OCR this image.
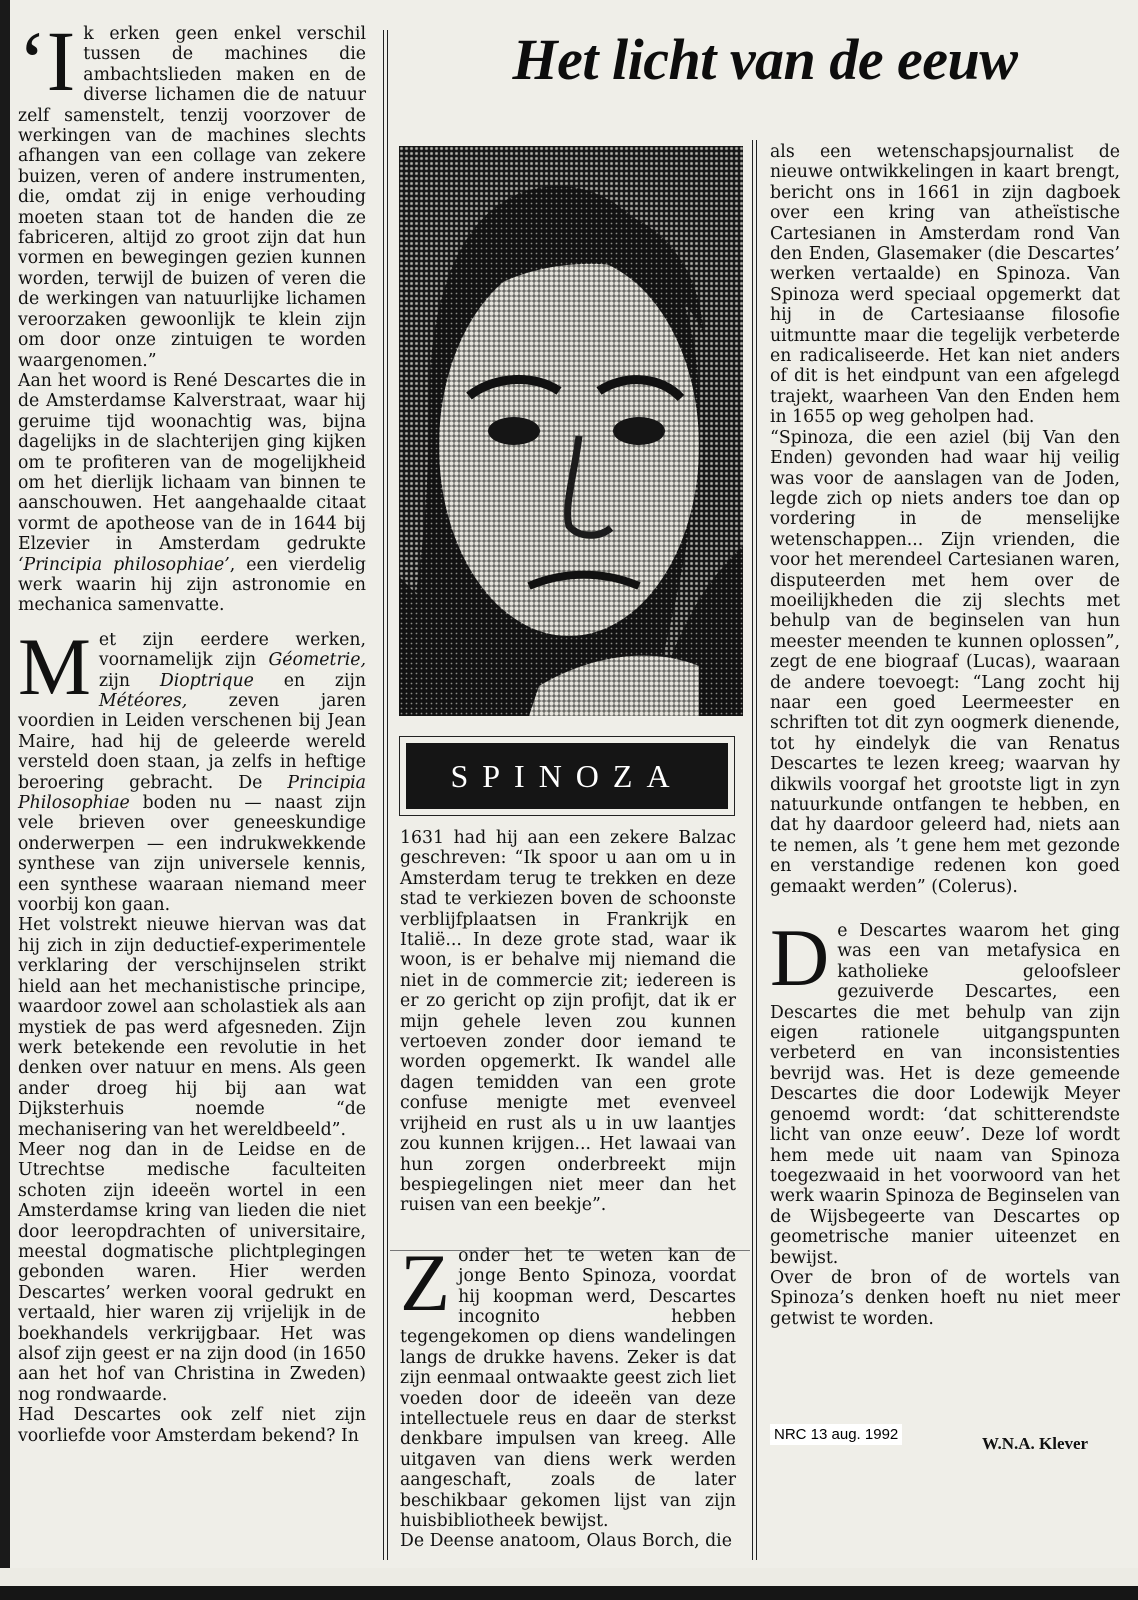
Het licht van de eeuw

‘Ik erken geen enkel verschil tussen de machines die ambachtslieden maken en de diverse lichamen die de natuur zelf samenstelt, tenzij voorzover de werkingen van de machines slechts afhangen van een collage van zekere buizen, veren of andere instrumenten, die, omdat zij in enige verhouding moeten staan tot de handen die ze fabriceren, altijd zo groot zijn dat hun vormen en bewegingen gezien kunnen worden, terwijl de buizen of veren die de werkingen van natuurlijke lichamen veroorzaken gewoonlijk te klein zijn om door onze zintuigen te worden waargenomen.”

Aan het woord is René Descartes die in de Amsterdamse Kalverstraat, waar hij geruime tijd woonachtig was, bijna dagelijks in de slachterijen ging kijken om te profiteren van de mogelijkheid om het dierlijk lichaam van binnen te aanschouwen. Het aangehaalde citaat vormt de apotheose van de in 1644 bij Elzevier in Amsterdam gedrukte ‘Principia philosophiae’, een vierdelig werk waarin hij zijn astronomie en mechanica samenvatte.

Met zijn eerdere werken, voornamelijk zijn Géometrie, zijn Dioptrique en zijn Météores, zeven jaren voordien in Leiden verschenen bij Jean Maire, had hij de geleerde wereld versteld doen staan, ja zelfs in heftige beroering gebracht. De Principia Philosophiae boden nu — naast zijn vele brieven over geneeskundige onderwerpen — een indrukwekkende synthese van zijn universele kennis, een synthese waaraan niemand meer voorbij kon gaan.

Het volstrekt nieuwe hiervan was dat hij zich in zijn deductief-experimentele verklaring der verschijnselen strikt hield aan het mechanistische principe, waardoor zowel aan scholastiek als aan mystiek de pas werd afgesneden. Zijn werk betekende een revolutie in het denken over natuur en mens. Als geen ander droeg hij bij aan wat Dijksterhuis noemde “de mechanisering van het wereldbeeld”.

Meer nog dan in de Leidse en de Utrechtse medische faculteiten schoten zijn ideeën wortel in een Amsterdamse kring van lieden die niet door leeropdrachten of universitaire, meestal dogmatische plichtplegingen gebonden waren. Hier werden Descartes’ werken vooral gedrukt en vertaald, hier waren zij vrijelijk in de boekhandels verkrijgbaar. Het was alsof zijn geest er na zijn dood (in 1650 aan het hof van Christina in Zweden) nog rondwaarde.

Had Descartes ook zelf niet zijn voorliefde voor Amsterdam bekend? In

SPINOZA

1631 had hij aan een zekere Balzac geschreven: “Ik spoor u aan om u in Amsterdam terug te trekken en deze stad te verkiezen boven de schoonste verblijfplaatsen in Frankrijk en Italië... In deze grote stad, waar ik woon, is er behalve mij niemand die niet in de commercie zit; iedereen is er zo gericht op zijn profijt, dat ik er mijn gehele leven zou kunnen vertoeven zonder door iemand te worden opgemerkt. Ik wandel alle dagen temidden van een grote confuse menigte met evenveel vrijheid en rust als u in uw laantjes zou kunnen krijgen... Het lawaai van hun zorgen onderbreekt mijn bespiegelingen niet meer dan het ruisen van een beekje”.

Zonder het te weten kan de jonge Bento Spinoza, voordat hij koopman werd, Descartes incognito hebben tegengekomen op diens wandelingen langs de drukke havens. Zeker is dat zijn eenmaal ontwaakte geest zich liet voeden door de ideeën van deze intellectuele reus en daar de sterkst denkbare impulsen van kreeg. Alle uitgaven van diens werk werden aangeschaft, zoals de later beschikbaar gekomen lijst van zijn huisbibliotheek bewijst.

De Deense anatoom, Olaus Borch, die

als een wetenschapsjournalist de nieuwe ontwikkelingen in kaart brengt, bericht ons in 1661 in zijn dagboek over een kring van atheïstische Cartesianen in Amsterdam rond Van den Enden, Glasemaker (die Descartes’ werken vertaalde) en Spinoza. Van Spinoza werd speciaal opgemerkt dat hij in de Cartesiaanse filosofie uitmuntte maar die tegelijk verbeterde en radicaliseerde. Het kan niet anders of dit is het eindpunt van een afgelegd trajekt, waarheen Van den Enden hem in 1655 op weg geholpen had.

“Spinoza, die een aziel (bij Van den Enden) gevonden had waar hij veilig was voor de aanslagen van de Joden, legde zich op niets anders toe dan op vordering in de menselijke wetenschappen... Zijn vrienden, die voor het merendeel Cartesianen waren, disputeerden met hem over de moeilijkheden die zij slechts met behulp van de beginselen van hun meester meenden te kunnen oplossen”, zegt de ene biograaf (Lucas), waaraan de andere toevoegt: “Lang zocht hij naar een goed Leermeester en schriften tot dit zyn oogmerk dienende, tot hy eindelyk die van Renatus Descartes te lezen kreeg; waarvan hy dikwils voorgaf het grootste ligt in zyn natuurkunde ontfangen te hebben, en dat hy daardoor geleerd had, niets aan te nemen, als ’t gene hem met gezonde en verstandige redenen kon goed gemaakt werden” (Colerus).

De Descartes waarom het ging was een van metafysica en katholieke geloofsleer gezuiverde Descartes, een Descartes die met behulp van zijn eigen rationele uitgangspunten verbeterd en van inconsistenties bevrijd was. Het is deze gemeende Descartes die door Lodewijk Meyer genoemd wordt: ‘dat schitterendste licht van onze eeuw’. Deze lof wordt hem mede uit naam van Spinoza toegezwaaid in het voorwoord van het werk waarin Spinoza de Beginselen van de Wijsbegeerte van Descartes op geometrische manier uiteenzet en bewijst.

Over de bron of de wortels van Spinoza’s denken hoeft nu niet meer getwist te worden.

NRC 13 aug. 1992	W.N.A. Klever
